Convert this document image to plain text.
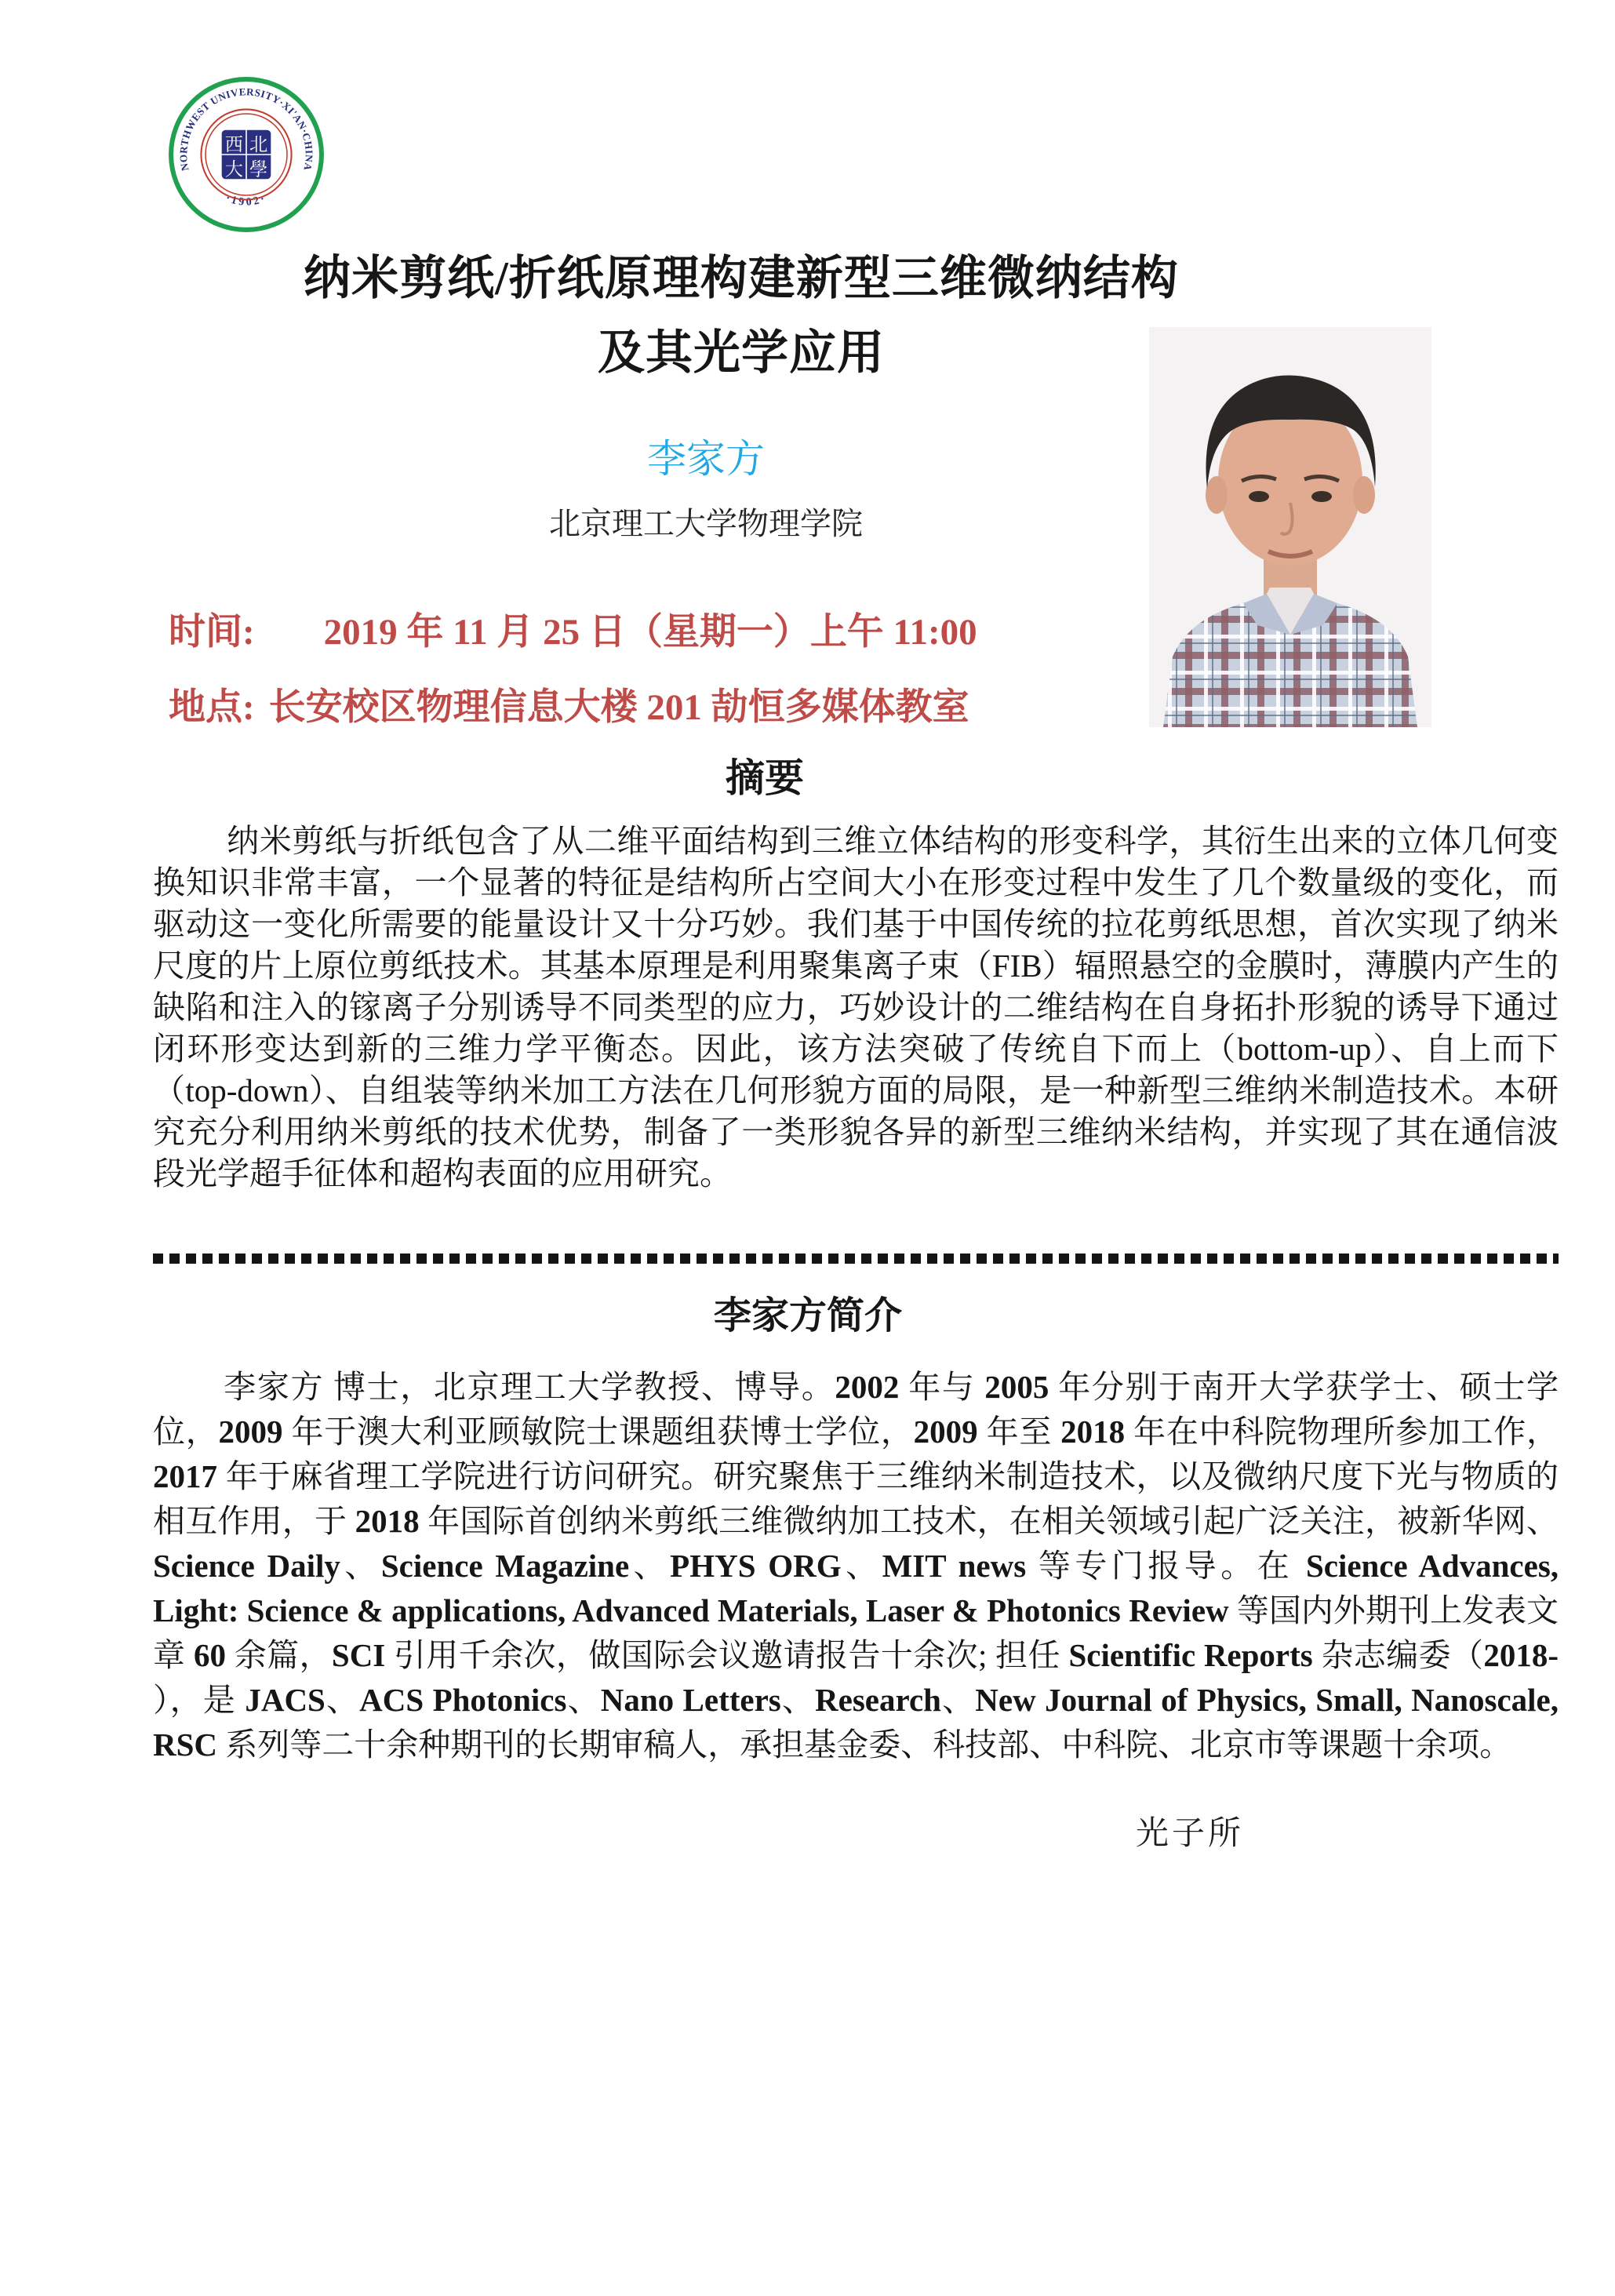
NORTHWEST UNIVERSITY·XI'AN·CHINA
·1902·
西 北
大 學
纳米剪纸/折纸原理构建新型三维微纳结构
及其光学应用
李家方
北京理工大学物理学院
时间: 2019 年 11 月 25 日（星期一）上午 11:00
地点: 长安校区物理信息大楼 201 劼恒多媒体教室
摘要

纳米剪纸与折纸包含了从二维平面结构到三维立体结构的形变科学，其衍生出来的立体几何变换知识非常丰富，一个显著的特征是结构所占空间大小在形变过程中发生了几个数量级的变化，而驱动这一变化所需要的能量设计又十分巧妙。我们基于中国传统的拉花剪纸思想，首次实现了纳米尺度的片上原位剪纸技术。其基本原理是利用聚集离子束（FIB）辐照悬空的金膜时，薄膜内产生的缺陷和注入的镓离子分别诱导不同类型的应力，巧妙设计的二维结构在自身拓扑形貌的诱导下通过闭环形变达到新的三维力学平衡态。因此，该方法突破了传统自下而上（bottom-up）、自上而下（top-down）、自组装等纳米加工方法在几何形貌方面的局限，是一种新型三维纳米制造技术。本研究充分利用纳米剪纸的技术优势，制备了一类形貌各异的新型三维纳米结构，并实现了其在通信波段光学超手征体和超构表面的应用研究。

李家方简介

李家方 博士，北京理工大学教授、博导。2002 年与 2005 年分别于南开大学获学士、硕士学位，2009 年于澳大利亚顾敏院士课题组获博士学位，2009 年至 2018 年在中科院物理所参加工作，2017 年于麻省理工学院进行访问研究。研究聚焦于三维纳米制造技术，以及微纳尺度下光与物质的相互作用，于 2018 年国际首创纳米剪纸三维微纳加工技术，在相关领域引起广泛关注，被新华网、Science Daily、Science Magazine、PHYS ORG、MIT news 等专门报导。在 Science Advances, Light: Science & applications, Advanced Materials, Laser & Photonics Review 等国内外期刊上发表文章 60 余篇，SCI 引用千余次，做国际会议邀请报告十余次; 担任 Scientific Reports 杂志编委（2018- ），是 JACS、ACS Photonics、Nano Letters、Research、New Journal of Physics, Small, Nanoscale, RSC 系列等二十余种期刊的长期审稿人，承担基金委、科技部、中科院、北京市等课题十余项。

光子所
